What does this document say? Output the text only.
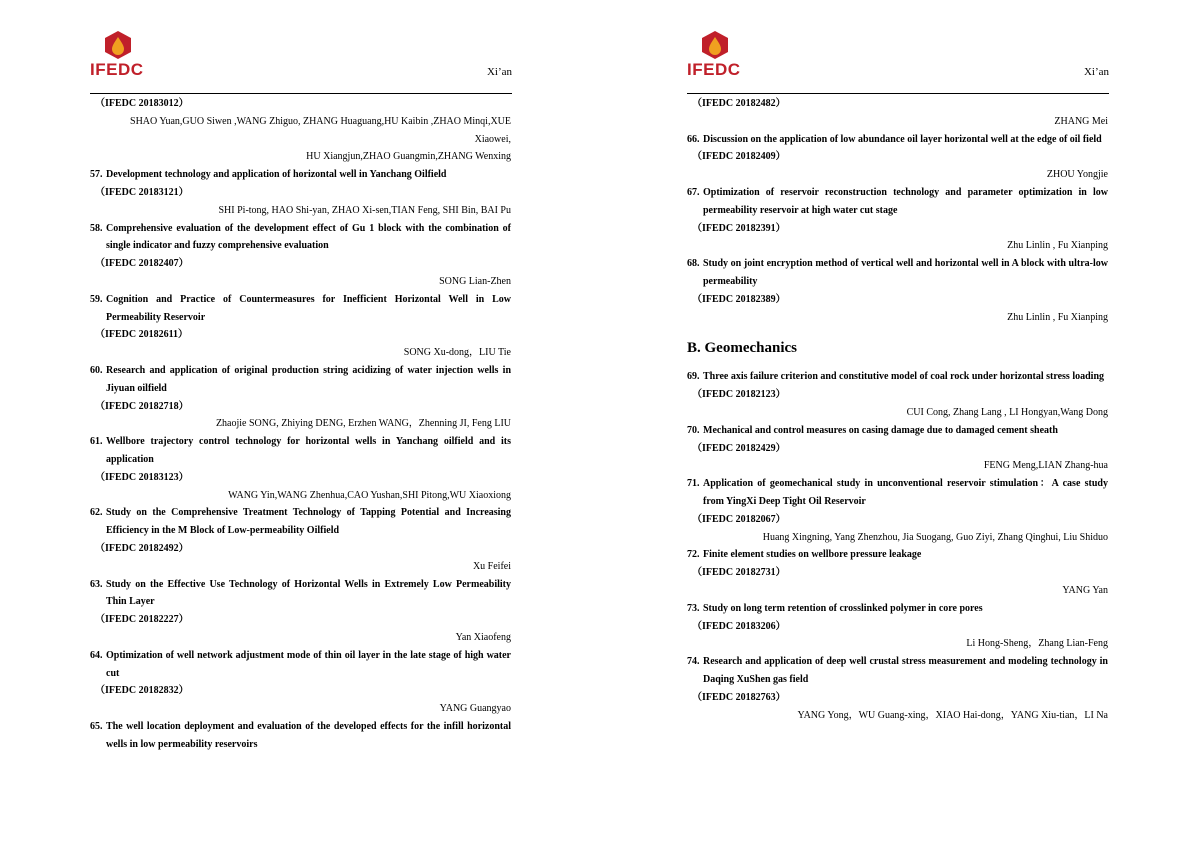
IFEDC	Xi’an
（IFEDC 20183012）
SHAO Yuan,GUO Siwen ,WANG Zhiguo, ZHANG Huaguang,HU Kaibin ,ZHAO Minqi,XUE Xiaowei,
HU Xiangjun,ZHAO Guangmin,ZHANG Wenxing
57. Development technology and application of horizontal well in Yanchang Oilfield
（IFEDC 20183121）
SHI Pi-tong, HAO Shi-yan, ZHAO Xi-sen,TIAN Feng, SHI Bin, BAI Pu
58. Comprehensive evaluation of the development effect of Gu 1 block with the combination of single indicator and fuzzy comprehensive evaluation
（IFEDC 20182407）
SONG Lian-Zhen
59. Cognition and Practice of Countermeasures for Inefficient Horizontal Well in Low Permeability Reservoir
（IFEDC 20182611）
SONG Xu-dong，LIU Tie
60. Research and application of original production string acidizing of water injection wells in Jiyuan oilfield
（IFEDC 20182718）
Zhaojie SONG, Zhiying DENG, Erzhen WANG，Zhenning JI, Feng LIU
61. Wellbore trajectory control technology for horizontal wells in Yanchang oilfield and its application
（IFEDC 20183123）
WANG Yin,WANG Zhenhua,CAO Yushan,SHI Pitong,WU Xiaoxiong
62. Study on the Comprehensive Treatment Technology of Tapping Potential and Increasing Efficiency in the M Block of Low-permeability Oilfield
（IFEDC 20182492）
Xu Feifei
63. Study on the Effective Use Technology of Horizontal Wells in Extremely Low Permeability Thin Layer
（IFEDC 20182227）
Yan Xiaofeng
64. Optimization of well network adjustment mode of thin oil layer in the late stage of high water cut
（IFEDC 20182832）
YANG Guangyao
65. The well location deployment and evaluation of the developed effects for the infill horizontal wells in low permeability reservoirs
IFEDC	Xi’an
（IFEDC 20182482）
ZHANG Mei
66. Discussion on the application of low abundance oil layer horizontal well at the edge of oil field
（IFEDC 20182409）
ZHOU Yongjie
67. Optimization of reservoir reconstruction technology and parameter optimization in low permeability reservoir at high water cut stage
（IFEDC 20182391）
Zhu Linlin , Fu Xianping
68. Study on joint encryption method of vertical well and horizontal well in A block with ultra-low permeability
（IFEDC 20182389）
Zhu Linlin , Fu Xianping
B. Geomechanics
69. Three axis failure criterion and constitutive model of coal rock under horizontal stress loading
（IFEDC 20182123）
CUI Cong, Zhang Lang , LI Hongyan,Wang Dong
70. Mechanical and control measures on casing damage due to damaged cement sheath
（IFEDC 20182429）
FENG Meng,LIAN Zhang-hua
71. Application of geomechanical study in unconventional reservoir stimulation：A case study from YingXi Deep Tight Oil Reservoir
（IFEDC 20182067）
Huang Xingning, Yang Zhenzhou, Jia Suogang, Guo Ziyi, Zhang Qinghui, Liu Shiduo
72. Finite element studies on wellbore pressure leakage
（IFEDC 20182731）
YANG Yan
73. Study on long term retention of crosslinked polymer in core pores
（IFEDC 20183206）
Li Hong-Sheng，Zhang Lian-Feng
74. Research and application of deep well crustal stress measurement and modeling technology in Daqing XuShen gas field
（IFEDC 20182763）
YANG Yong，WU Guang-xing，XIAO Hai-dong，YANG Xiu-tian，LI Na
